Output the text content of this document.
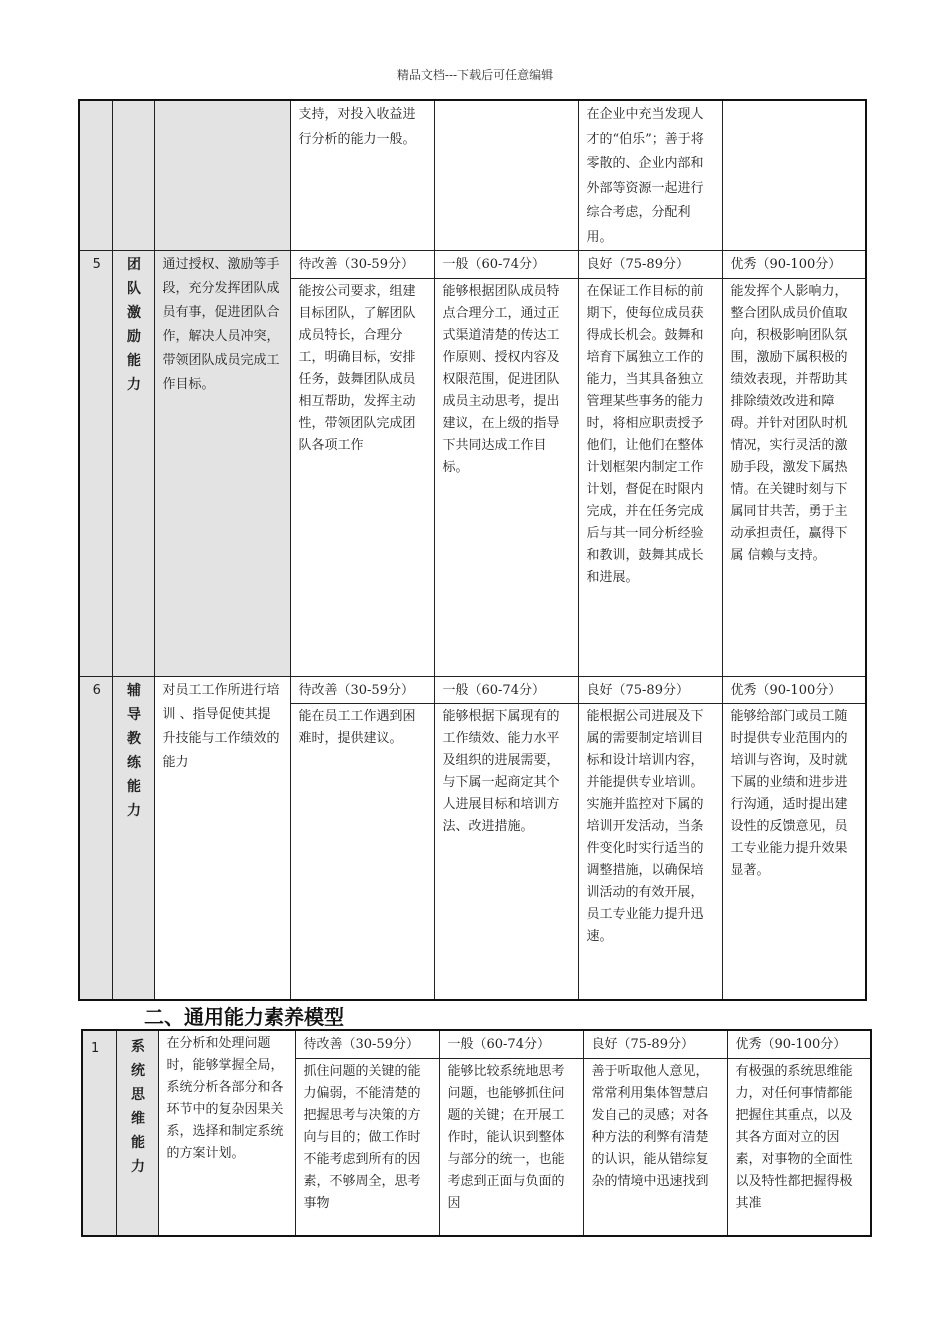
精品文档---下载后可任意编辑
			支持，对投入收益进行分析的能力一般。		在企业中充当发现人才的“伯乐”；善于将零散的、企业内部和外部等资源一起进行综合考虑，分配利用。	
5	团队激励能力	通过授权、激励等手段，充分发挥团队成员有事，促进团队合作，解决人员冲突，带领团队成员完成工作目标。	待改善（30-59分）	一般（60-74分）	良好（75-89分）	优秀（90-100分）
			能按公司要求，组建目标团队，了解团队成员特长，合理分工，明确目标，安排任务，鼓舞团队成员相互帮助，发挥主动性，带领团队完成团队各项工作	能够根据团队成员特点合理分工，通过正式渠道清楚的传达工作原则、授权内容及权限范围，促进团队成员主动思考，提出建议，在上级的指导下共同达成工作目标。	在保证工作目标的前期下，使每位成员获得成长机会。鼓舞和培育下属独立工作的能力，当其具备独立管理某些事务的能力时，将相应职责授予他们，让他们在整体计划框架内制定工作计划，督促在时限内完成，并在任务完成后与其一同分析经验和教训，鼓舞其成长和进展。	能发挥个人影响力，整合团队成员价值取向，积极影响团队氛围，激励下属积极的绩效表现，并帮助其排除绩效改进和障碍。并针对团队时机情况，实行灵活的激励手段，激发下属热情。在关键时刻与下属同甘共苦，勇于主动承担责任，赢得下属 信赖与支持。
6	辅导教练能力	对员工工作所进行培训 、指导促使其提升技能与工作绩效的能力	待改善（30-59分）	一般（60-74分）	良好（75-89分）	优秀（90-100分）
			能在员工工作遇到困难时，提供建议。	能够根据下属现有的工作绩效、能力水平及组织的进展需要，与下属一起商定其个人进展目标和培训方法、改进措施。	能根据公司进展及下属的需要制定培训目标和设计培训内容，并能提供专业培训。实施并监控对下属的培训开发活动，当条件变化时实行适当的调整措施，以确保培训活动的有效开展，员工专业能力提升迅速。	能够给部门或员工随时提供专业范围内的培训与咨询，及时就下属的业绩和进步进行沟通，适时提出建设性的反馈意见，员工专业能力提升效果显著。
二、通用能力素养模型
1	系统思维能力	在分析和处理问题时，能够掌握全局，系统分析各部分和各环节中的复杂因果关系，选择和制定系统的方案计划。	待改善（30-59分）	一般（60-74分）	良好（75-89分）	优秀（90-100分）
			抓住问题的关键的能力偏弱，不能清楚的把握思考与决策的方向与目的；做工作时不能考虑到所有的因素，不够周全，思考事物	能够比较系统地思考问题，也能够抓住问题的关键；在开展工作时，能认识到整体与部分的统一，也能考虑到正面与负面的因	善于听取他人意见，常常利用集体智慧启发自己的灵感；对各种方法的利弊有清楚的认识，能从错综复杂的情境中迅速找到	有极强的系统思维能力，对任何事情都能把握住其重点，以及其各方面对立的因素，对事物的全面性以及特性都把握得极其准
